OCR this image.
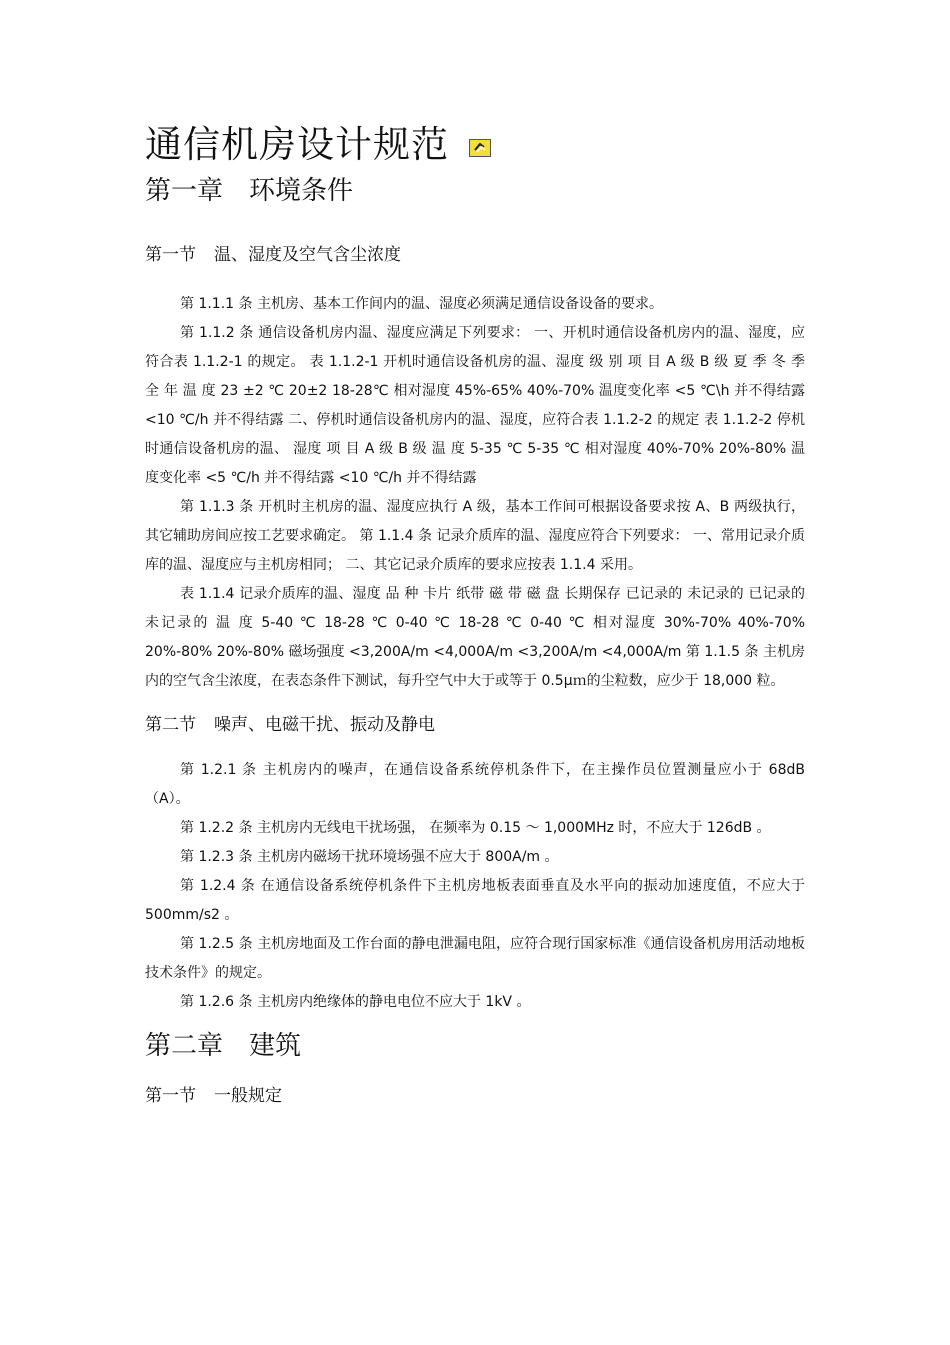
通信机房设计规范
第一章 环境条件
第一节 温、湿度及空气含尘浓度

第 1.1.1 条 主机房、基本工作间内的温、湿度必须满足通信设备设备的要求。

第 1.1.2 条 通信设备机房内温、湿度应满足下列要求： 一、开机时通信设备机房内的温、湿度，应符合表 1.1.2-1 的规定。 表 1.1.2-1 开机时通信设备机房的温、湿度 级 别 项 目 A 级 B 级 夏 季 冬 季 全 年 温 度 23 ±2 ℃ 20±2 18-28℃ 相对湿度 45%-65% 40%-70% 温度变化率 <5 ℃\h 并不得结露 <10 ℃/h 并不得结露 二、停机时通信设备机房内的温、湿度，应符合表 1.1.2-2 的规定 表 1.1.2-2 停机时通信设备机房的温、 湿度 项 目 A 级 B 级 温 度 5-35 ℃ 5-35 ℃ 相对湿度 40%-70% 20%-80% 温度变化率 <5 ℃/h 并不得结露 <10 ℃/h 并不得结露

第 1.1.3 条 开机时主机房的温、湿度应执行 A 级，基本工作间可根据设备要求按 A、B 两级执行，其它辅助房间应按工艺要求确定。 第 1.1.4 条 记录介质库的温、湿度应符合下列要求： 一、常用记录介质库的温、湿度应与主机房相同； 二、其它记录介质库的要求应按表 1.1.4 采用。

表 1.1.4 记录介质库的温、湿度 品 种 卡片 纸带 磁 带 磁 盘 长期保存 已记录的 未记录的 已记录的 未记录的 温 度 5-40 ℃ 18-28 ℃ 0-40 ℃ 18-28 ℃ 0-40 ℃ 相对湿度 30%-70% 40%-70% 20%-80% 20%-80% 磁场强度 <3,200A/m <4,000A/m <3,200A/m <4,000A/m 第 1.1.5 条 主机房内的空气含尘浓度，在表态条件下测试，每升空气中大于或等于 0.5μｍ的尘粒数，应少于 18,000 粒。

第二节 噪声、电磁干扰、振动及静电

第 1.2.1 条 主机房内的噪声，在通信设备系统停机条件下，在主操作员位置测量应小于 68dB （A）。

第 1.2.2 条 主机房内无线电干扰场强， 在频率为 0.15 ～ 1,000MHz 时，不应大于 126dB 。

第 1.2.3 条 主机房内磁场干扰环境场强不应大于 800A/m 。

第 1.2.4 条 在通信设备系统停机条件下主机房地板表面垂直及水平向的振动加速度值，不应大于 500mm/s2 。

第 1.2.5 条 主机房地面及工作台面的静电泄漏电阻，应符合现行国家标准《通信设备机房用活动地板技术条件》的规定。

第 1.2.6 条 主机房内绝缘体的静电电位不应大于 1kV 。

第二章 建筑
第一节 一般规定
